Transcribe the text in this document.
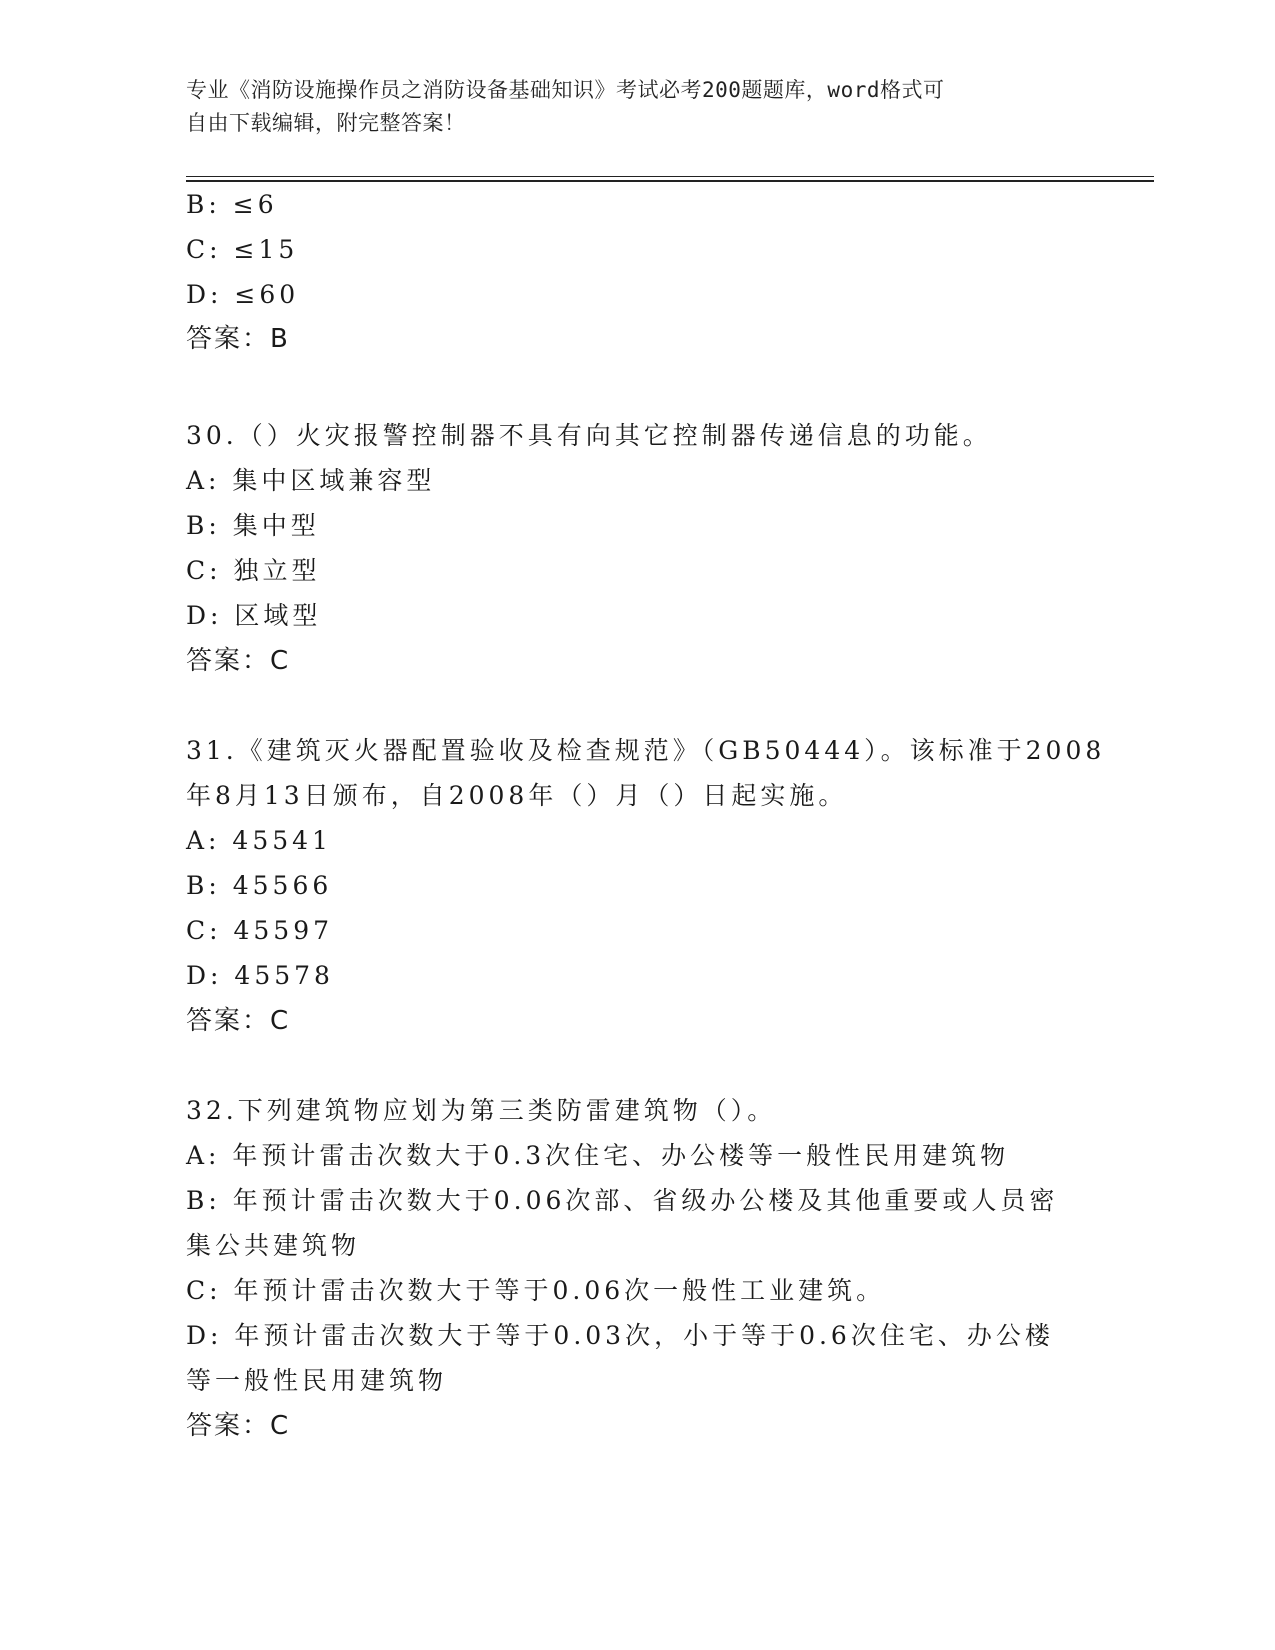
专业《消防设施操作员之消防设备基础知识》考试必考200题题库，word格式可
自由下载编辑，附完整答案！
B: ≤6
C: ≤15
D: ≤60
答案：B
30.（）火灾报警控制器不具有向其它控制器传递信息的功能。
A: 集中区域兼容型
B: 集中型
C: 独立型
D: 区域型
答案：C
31.《建筑灭火器配置验收及检查规范》（GB50444）。该标准于2008
年8月13日颁布，自2008年（）月（）日起实施。
A: 45541
B: 45566
C: 45597
D: 45578
答案：C
32.下列建筑物应划为第三类防雷建筑物（）。
A: 年预计雷击次数大于0.3次住宅、办公楼等一般性民用建筑物
B: 年预计雷击次数大于0.06次部、省级办公楼及其他重要或人员密
集公共建筑物
C: 年预计雷击次数大于等于0.06次一般性工业建筑。
D: 年预计雷击次数大于等于0.03次，小于等于0.6次住宅、办公楼
等一般性民用建筑物
答案：C
